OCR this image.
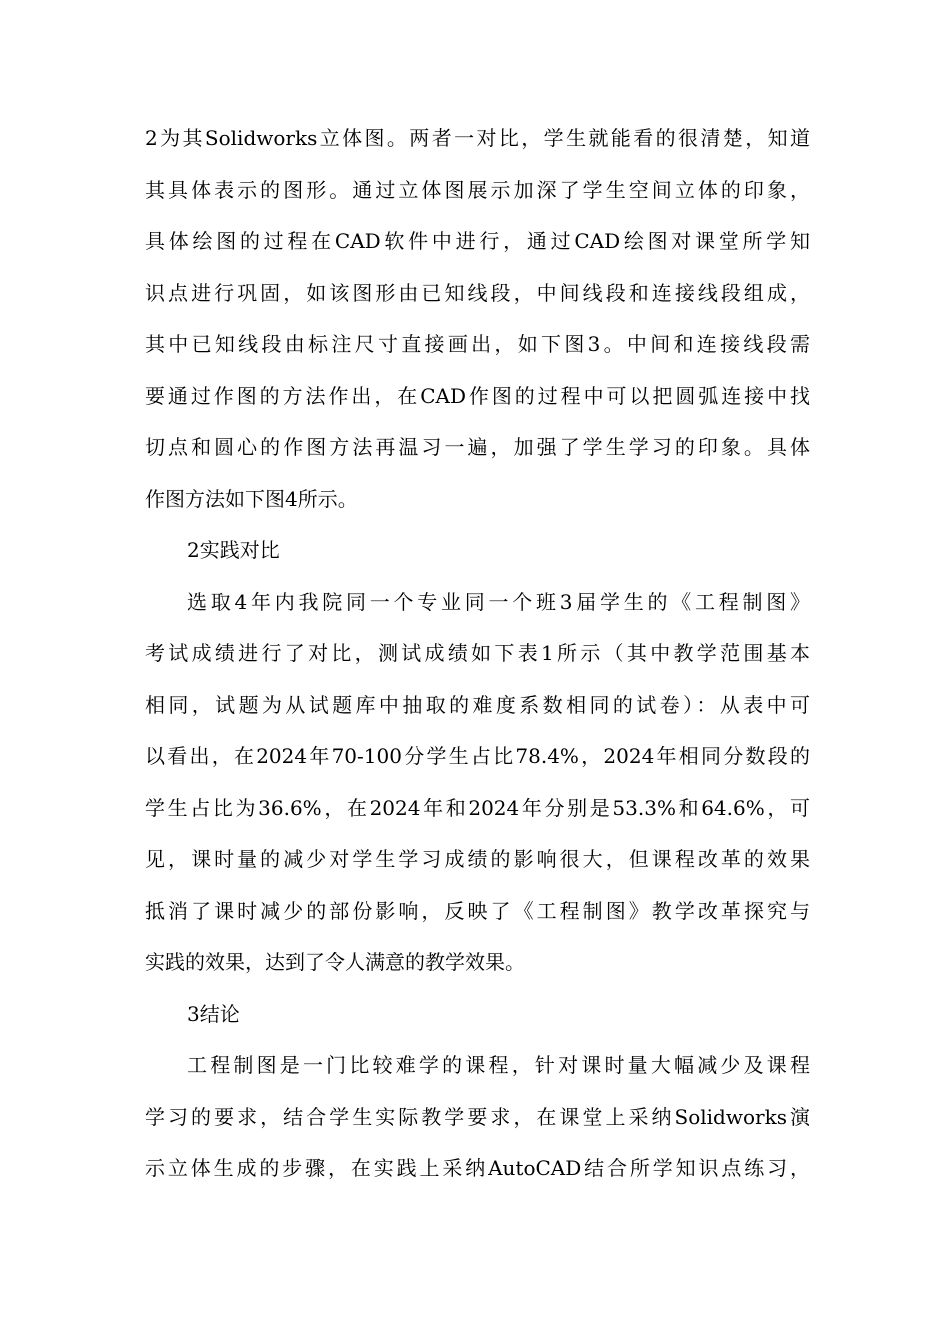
2为其Solidworks立体图。两者一对比，学生就能看的很清楚，知道
其具体表示的图形。通过立体图展示加深了学生空间立体的印象，
具体绘图的过程在CAD软件中进行，通过CAD绘图对课堂所学知
识点进行巩固，如该图形由已知线段，中间线段和连接线段组成，
其中已知线段由标注尺寸直接画出，如下图3。中间和连接线段需
要通过作图的方法作出，在CAD作图的过程中可以把圆弧连接中找
切点和圆心的作图方法再温习一遍，加强了学生学习的印象。具体
作图方法如下图4所示。
2实践对比
选取4年内我院同一个专业同一个班3届学生的《工程制图》
考试成绩进行了对比，测试成绩如下表1所示（其中教学范围基本
相同，试题为从试题库中抽取的难度系数相同的试卷）：从表中可
以看出，在2024年70-100分学生占比78.4%，2024年相同分数段的
学生占比为36.6%，在2024年和2024年分别是53.3%和64.6%，可
见，课时量的减少对学生学习成绩的影响很大，但课程改革的效果
抵消了课时减少的部份影响，反映了《工程制图》教学改革探究与
实践的效果，达到了令人满意的教学效果。
3结论
工程制图是一门比较难学的课程，针对课时量大幅减少及课程
学习的要求，结合学生实际教学要求，在课堂上采纳Solidworks演
示立体生成的步骤，在实践上采纳AutoCAD结合所学知识点练习，
